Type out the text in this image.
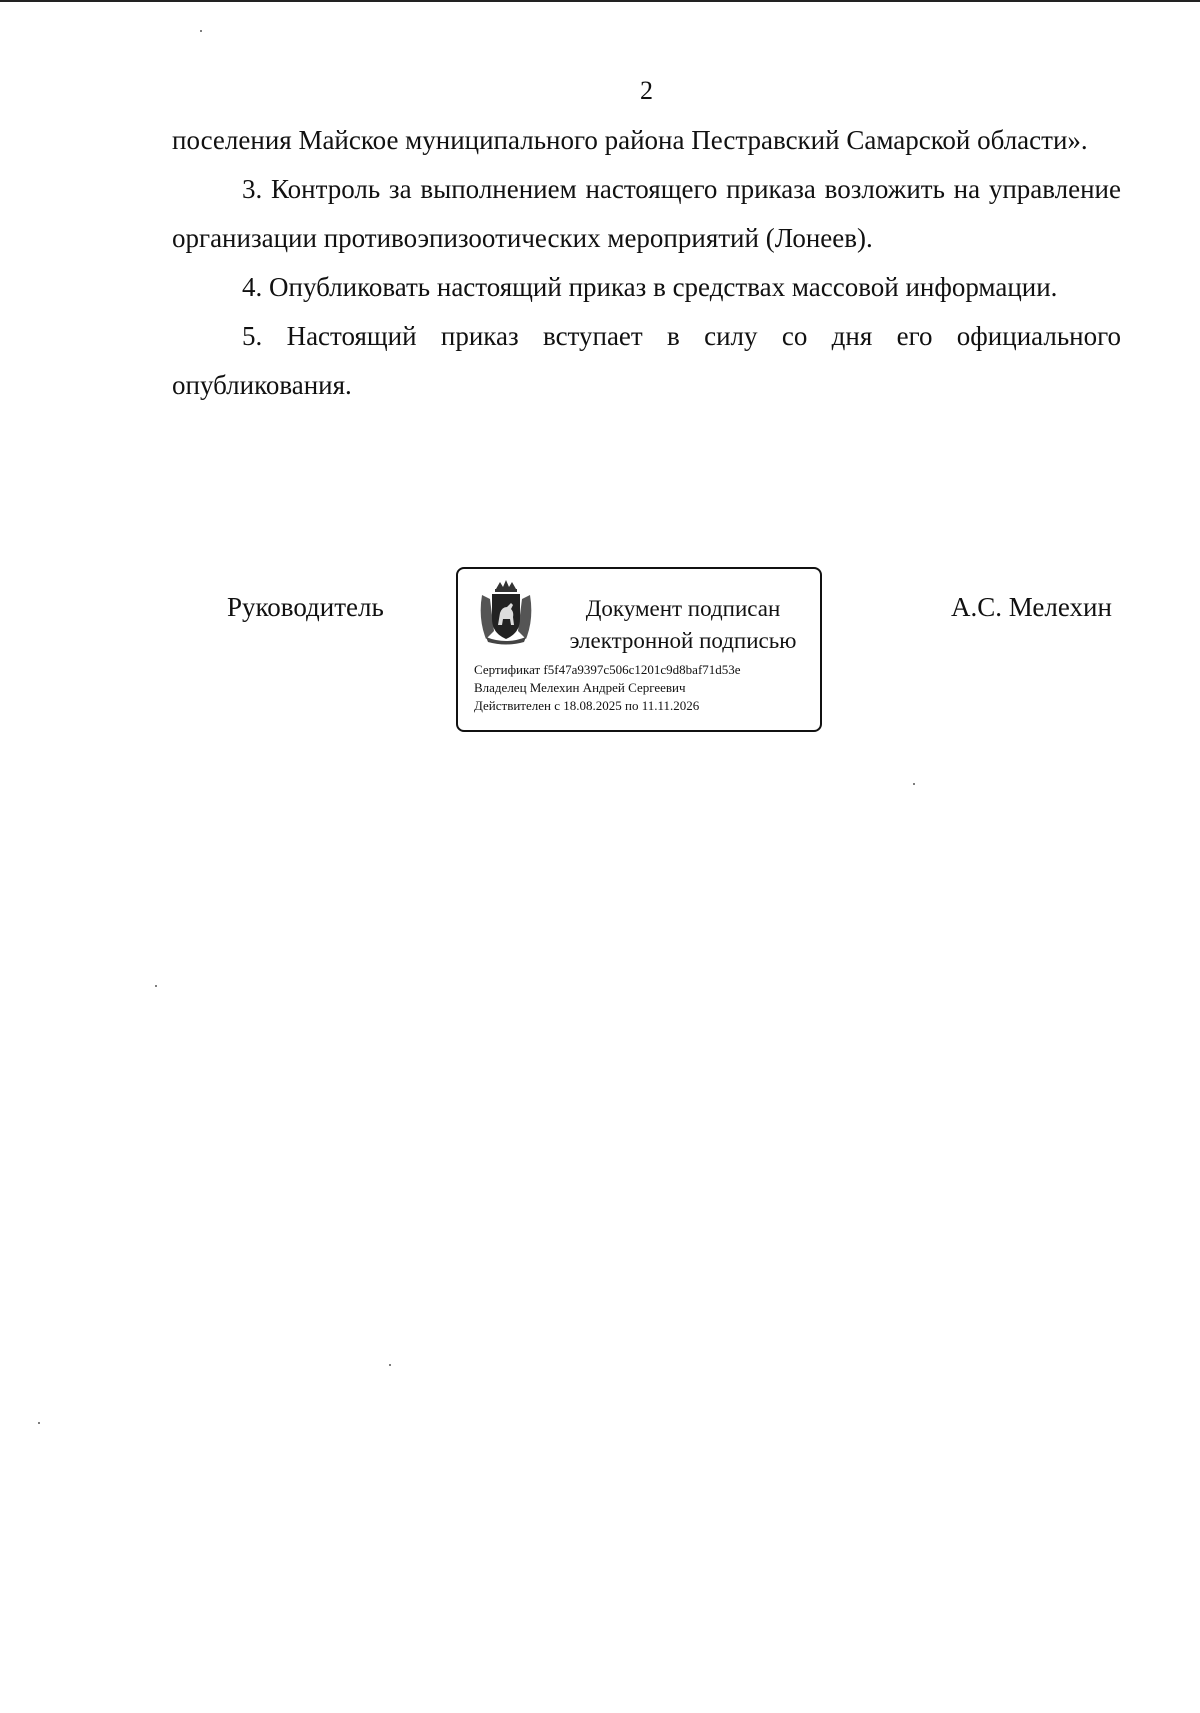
2

поселения Майское муниципального района Пестравский Самарской области».

3. Контроль за выполнением настоящего приказа возложить на управление организации противоэпизоотических мероприятий (Лонеев).

4. Опубликовать настоящий приказ в средствах массовой информации.

5. Настоящий приказ вступает в силу со дня его официального опубликования.

Руководитель	Документ подписан
электронной подписью
Сертификат f5f47a9397c506c1201c9d8baf71d53e
Владелец Мелехин Андрей Сергеевич
Действителен с 18.08.2025 по 11.11.2026
А.С. Мелехин
